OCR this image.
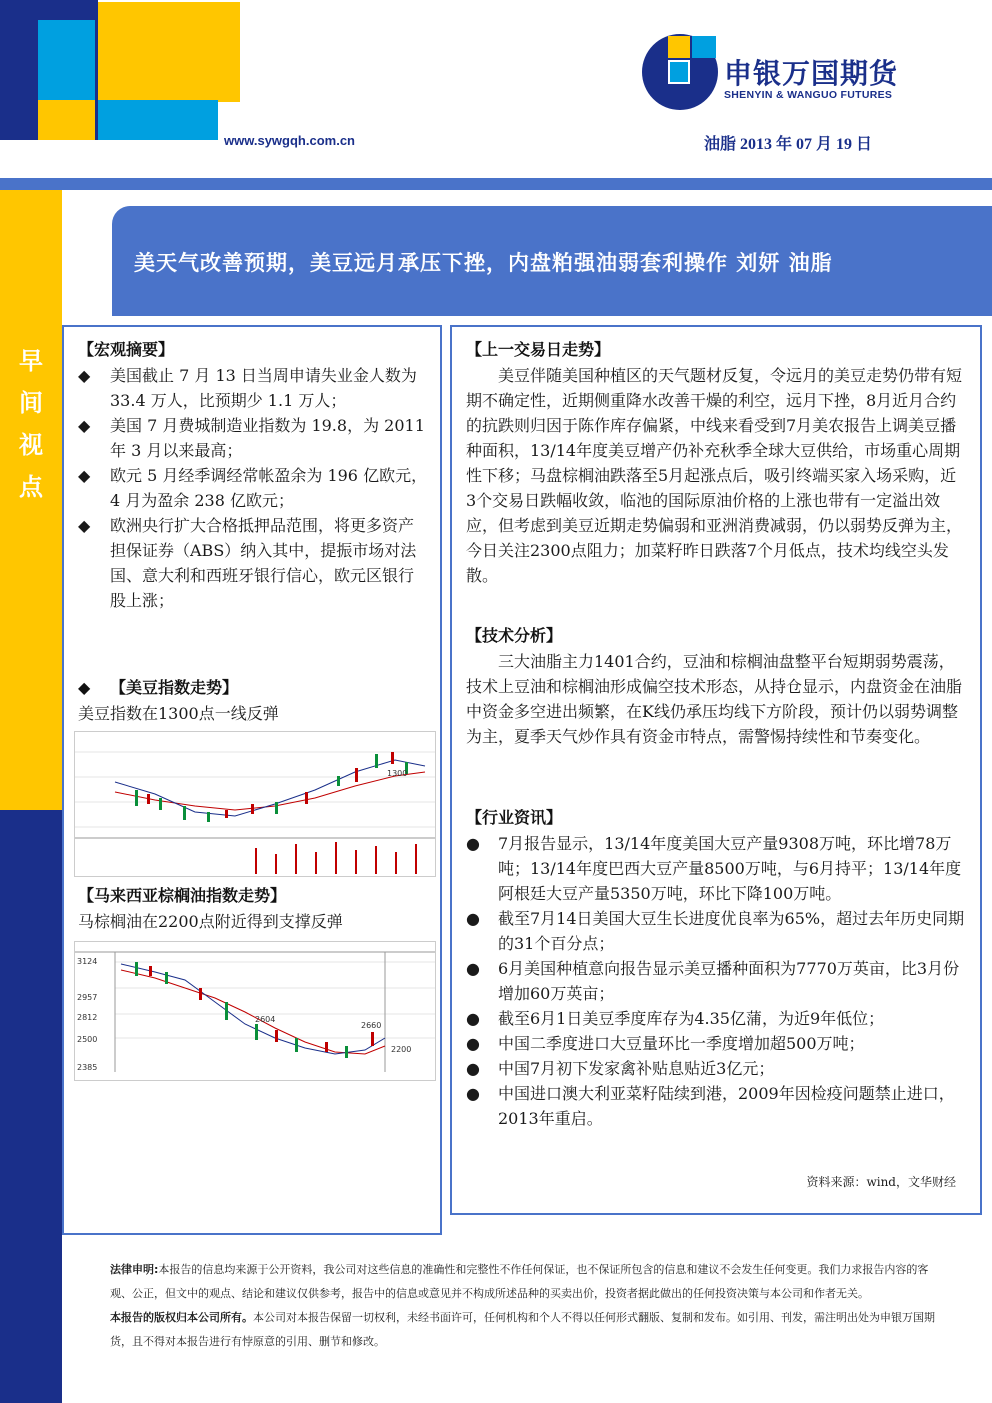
申银万国期货
SHENYIN & WANGUO FUTURES
www.sywgqh.com.cn	油脂 2013 年 07 月 19 日
早
间
视
点
美天气改善预期，美豆远月承压下挫，内盘粕强油弱套利操作 刘妍 油脂
【宏观摘要】
◆	美国截止 7 月 13 日当周申请失业金人数为 33.4 万人，比预期少 1.1 万人；
◆	美国 7 月费城制造业指数为 19.8，为 2011 年 3 月以来最高；
◆	欧元 5 月经季调经常帐盈余为 196 亿欧元，4 月为盈余 238 亿欧元；
◆	欧洲央行扩大合格抵押品范围，将更多资产担保证券（ABS）纳入其中，提振市场对法国、意大利和西班牙银行信心，欧元区银行股上涨；
◆ 【美豆指数走势】
美豆指数在1300点一线反弹
1300
【马来西亚棕榈油指数走势】
马棕榈油在2200点附近得到支撑反弹
3124
2957
2812
2500
2604
2385
2660
2200
【上一交易日走势】
美豆伴随美国种植区的天气题材反复，令远月的美豆走势仍带有短期不确定性，近期侧重降水改善干燥的利空，远月下挫，8月近月合约的抗跌则归因于陈作库存偏紧，中线来看受到7月美农报告上调美豆播种面积，13/14年度美豆增产仍补充秋季全球大豆供给，市场重心周期性下移；马盘棕榈油跌落至5月起涨点后，吸引终端买家入场采购，近3个交易日跌幅收敛，临池的国际原油价格的上涨也带有一定溢出效应，但考虑到美豆近期走势偏弱和亚洲消费减弱，仍以弱势反弹为主，今日关注2300点阻力；加菜籽昨日跌落7个月低点，技术均线空头发散。
【技术分析】
三大油脂主力1401合约，豆油和棕榈油盘整平台短期弱势震荡，技术上豆油和棕榈油形成偏空技术形态，从持仓显示，内盘资金在油脂中资金多空进出频繁，在K线仍承压均线下方阶段，预计仍以弱势调整为主，夏季天气炒作具有资金市特点，需警惕持续性和节奏变化。
【行业资讯】
●	7月报告显示，13/14年度美国大豆产量9308万吨，环比增78万吨；13/14年度巴西大豆产量8500万吨，与6月持平；13/14年度阿根廷大豆产量5350万吨，环比下降100万吨。
●	截至7月14日美国大豆生长进度优良率为65%，超过去年历史同期的31个百分点；
●	6月美国种植意向报告显示美豆播种面积为7770万英亩，比3月份增加60万英亩；
●	截至6月1日美豆季度库存为4.35亿蒲，为近9年低位；
●	中国二季度进口大豆量环比一季度增加超500万吨；
●	中国7月初下发家禽补贴息贴近3亿元；
●	中国进口澳大利亚菜籽陆续到港，2009年因检疫问题禁止进口，2013年重启。
资料来源：wind，文华财经
法律申明:本报告的信息均来源于公开资料，我公司对这些信息的准确性和完整性不作任何保证，也不保证所包含的信息和建议不会发生任何变更。我们力求报告内容的客观、公正，但文中的观点、结论和建议仅供参考，报告中的信息或意见并不构成所述品种的买卖出价，投资者据此做出的任何投资决策与本公司和作者无关。
本报告的版权归本公司所有。本公司对本报告保留一切权利，未经书面许可，任何机构和个人不得以任何形式翻版、复制和发布。如引用、刊发，需注明出处为申银万国期货，且不得对本报告进行有悖原意的引用、删节和修改。
